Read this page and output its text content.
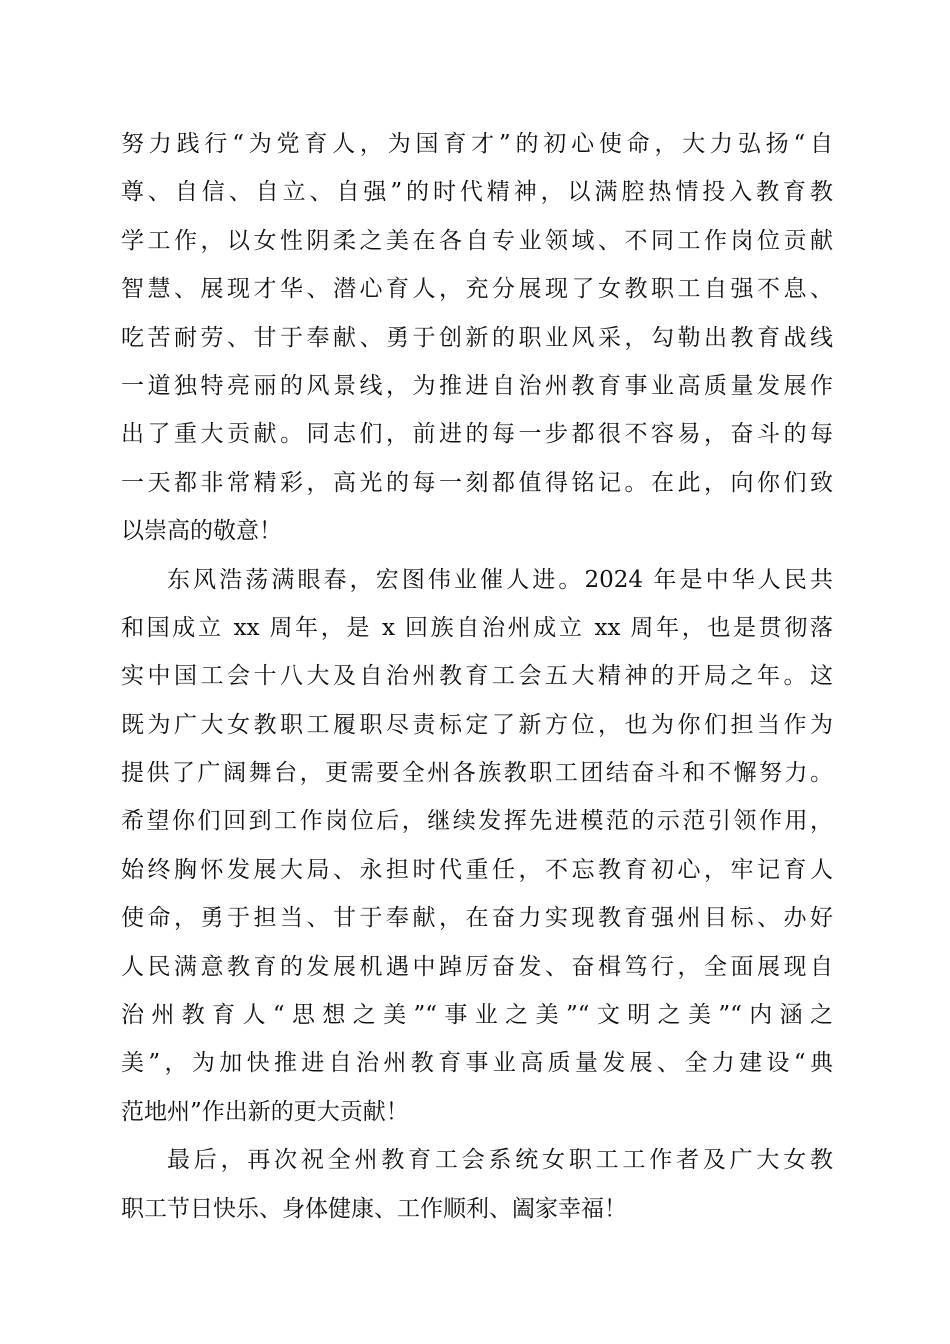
努力践行“为党育人，为国育才”的初心使命，大力弘扬“自
尊、自信、自立、自强”的时代精神，以满腔热情投入教育教
学工作，以女性阴柔之美在各自专业领域、不同工作岗位贡献
智慧、展现才华、潜心育人，充分展现了女教职工自强不息、
吃苦耐劳、甘于奉献、勇于创新的职业风采，勾勒出教育战线
一道独特亮丽的风景线，为推进自治州教育事业高质量发展作
出了重大贡献。同志们，前进的每一步都很不容易，奋斗的每
一天都非常精彩，高光的每一刻都值得铭记。在此，向你们致
以崇高的敬意！
东风浩荡满眼春，宏图伟业催人进。2024 年是中华人民共
和国成立 xx 周年，是 x 回族自治州成立 xx 周年，也是贯彻落
实中国工会十八大及自治州教育工会五大精神的开局之年。这
既为广大女教职工履职尽责标定了新方位，也为你们担当作为
提供了广阔舞台，更需要全州各族教职工团结奋斗和不懈努力。
希望你们回到工作岗位后，继续发挥先进模范的示范引领作用，
始终胸怀发展大局、永担时代重任，不忘教育初心，牢记育人
使命，勇于担当、甘于奉献，在奋力实现教育强州目标、办好
人民满意教育的发展机遇中踔厉奋发、奋楫笃行，全面展现自
治州教育人“思想之美”“事业之美”“文明之美”“内涵之
美”，为加快推进自治州教育事业高质量发展、全力建设“典
范地州”作出新的更大贡献！
最后，再次祝全州教育工会系统女职工工作者及广大女教
职工节日快乐、身体健康、工作顺利、阖家幸福！
